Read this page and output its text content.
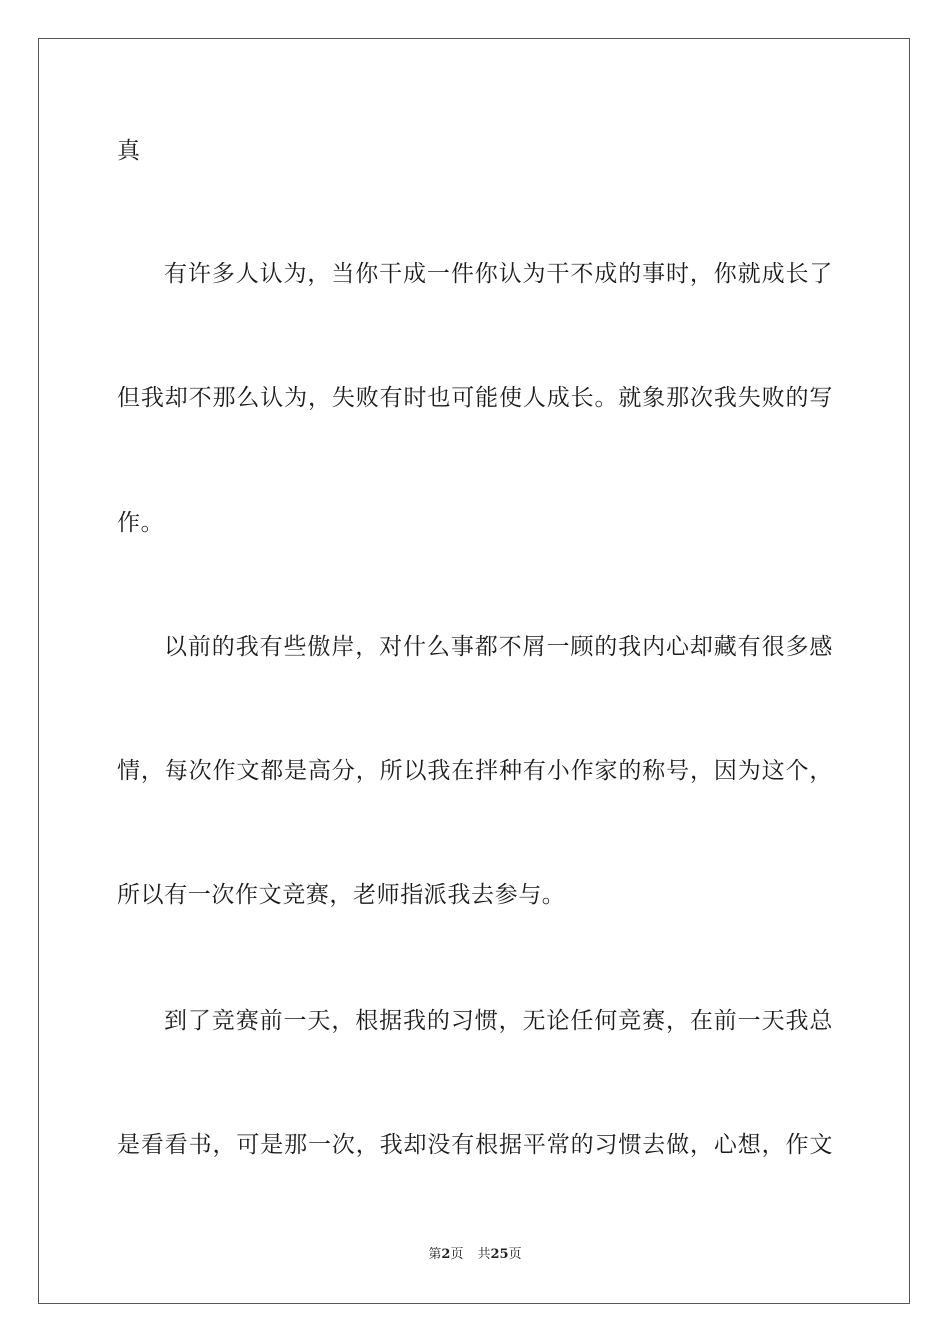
真
有许多人认为，当你干成一件你认为干不成的事时，你就成长了
但我却不那么认为，失败有时也可能使人成长。就象那次我失败的写
作。
以前的我有些傲岸，对什么事都不屑一顾的我内心却藏有很多感
情，每次作文都是高分，所以我在拌种有小作家的称号，因为这个，
所以有一次作文竞赛，老师指派我去参与。
到了竞赛前一天，根据我的习惯，无论任何竞赛，在前一天我总
是看看书，可是那一次，我却没有根据平常的习惯去做，心想，作文
第2页 共25页
